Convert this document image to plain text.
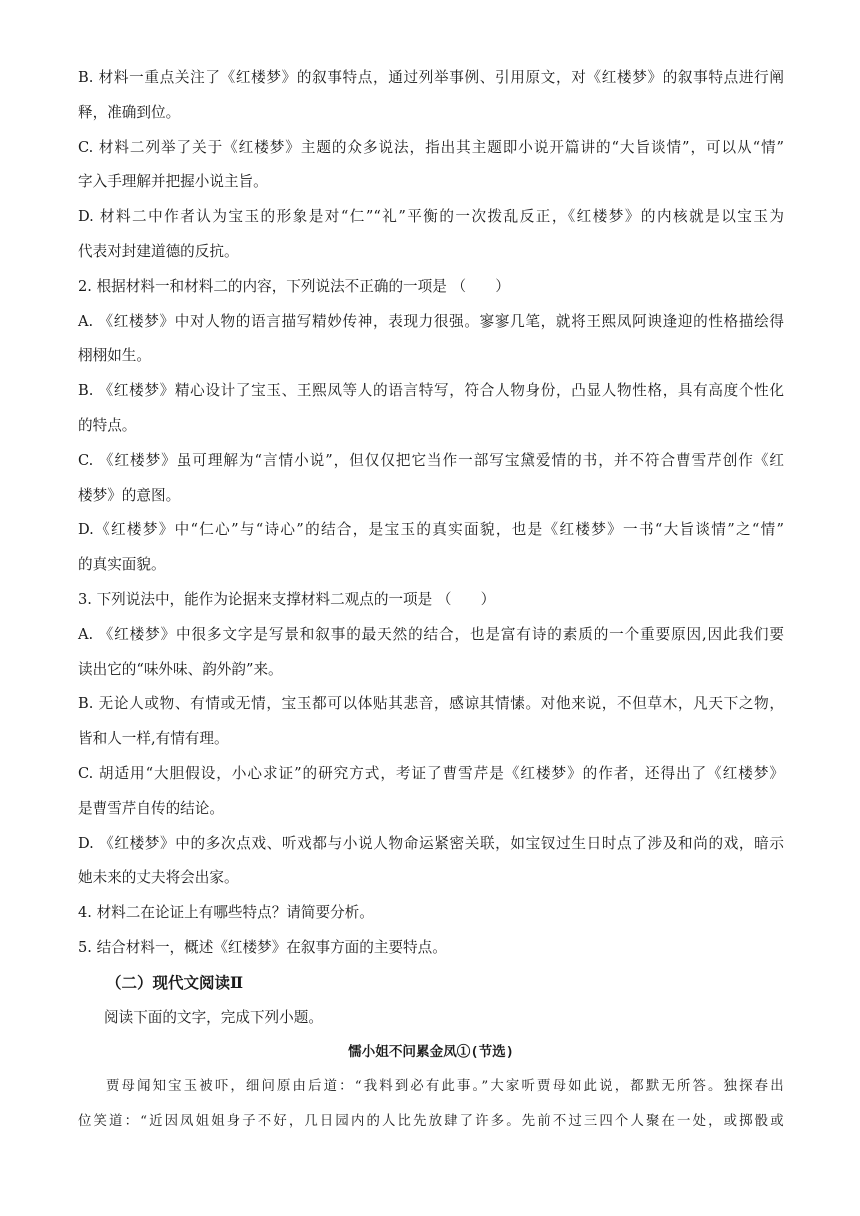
B. 材料一重点关注了《红楼梦》的叙事特点，通过列举事例、引用原文，对《红楼梦》的叙事特点进行阐
释，准确到位。
C. 材料二列举了关于《红楼梦》主题的众多说法，指出其主题即小说开篇讲的“大旨谈情”，可以从“情”
字入手理解并把握小说主旨。
D. 材料二中作者认为宝玉的形象是对“仁”“礼”平衡的一次拨乱反正，《红楼梦》的内核就是以宝玉为
代表对封建道德的反抗。
2. 根据材料一和材料二的内容，下列说法不正确的一项是 （　　）
A. 《红楼梦》中对人物的语言描写精妙传神，表现力很强。寥寥几笔，就将王熙凤阿谀逢迎的性格描绘得
栩栩如生。
B. 《红楼梦》精心设计了宝玉、王熙凤等人的语言特写，符合人物身份，凸显人物性格，具有高度个性化
的特点。
C. 《红楼梦》虽可理解为“言情小说”，但仅仅把它当作一部写宝黛爱情的书，并不符合曹雪芹创作《红
楼梦》的意图。
D.《红楼梦》中“仁心”与“诗心”的结合，是宝玉的真实面貌，也是《红楼梦》一书“大旨谈情”之“情”
的真实面貌。
3. 下列说法中，能作为论据来支撑材料二观点的一项是 （　　）
A. 《红楼梦》中很多文字是写景和叙事的最天然的结合，也是富有诗的素质的一个重要原因,因此我们要
读出它的“味外味、韵外韵”来。
B. 无论人或物、有情或无情，宝玉都可以体贴其悲音，感谅其情愫。对他来说，不但草木，凡天下之物，
皆和人一样,有情有理。
C. 胡适用“大胆假设，小心求证”的研究方式，考证了曹雪芹是《红楼梦》的作者，还得出了《红楼梦》
是曹雪芹自传的结论。
D. 《红楼梦》中的多次点戏、听戏都与小说人物命运紧密关联，如宝钗过生日时点了涉及和尚的戏，暗示
她未来的丈夫将会出家。
4. 材料二在论证上有哪些特点？请简要分析。
5. 结合材料一，概述《红楼梦》在叙事方面的主要特点。
（二）现代文阅读Ⅱ
阅读下面的文字，完成下列小题。
懦小姐不问累金凤①(节选)
贾母闻知宝玉被吓，细问原由后道：“我料到必有此事。”大家听贾母如此说，都默无所答。独探春出
位笑道：“近因凤姐姐身子不好，几日园内的人比先放肆了许多。先前不过三四个人聚在一处，或掷骰或
